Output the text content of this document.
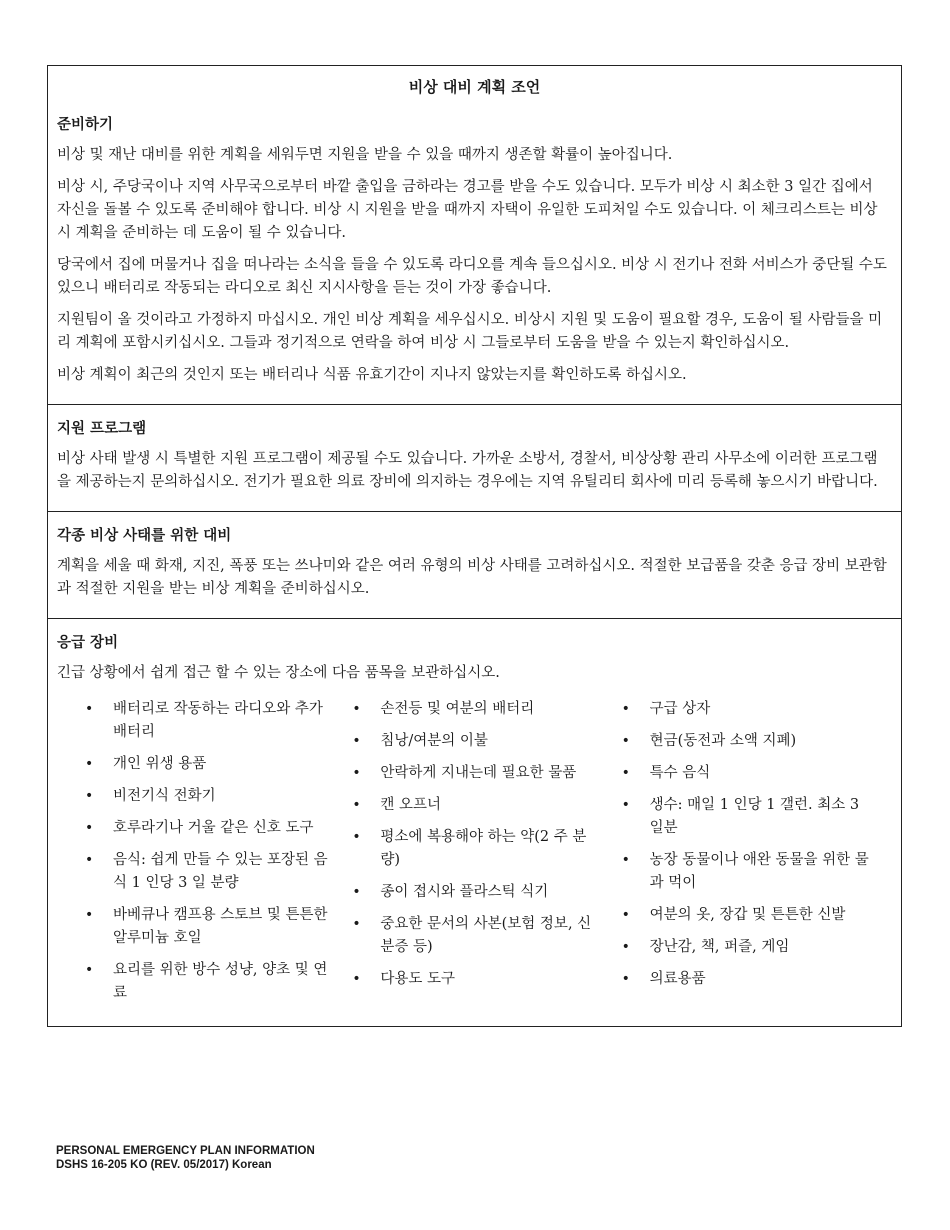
비상 대비 계획 조언
준비하기

비상 및 재난 대비를 위한 계획을 세워두면 지원을 받을 수 있을 때까지 생존할 확률이 높아집니다.

비상 시, 주당국이나 지역 사무국으로부터 바깥 출입을 금하라는 경고를 받을 수도 있습니다. 모두가 비상 시 최소한 3 일간 집에서 자신을 돌볼 수 있도록 준비해야 합니다. 비상 시 지원을 받을 때까지 자택이 유일한 도피처일 수도 있습니다. 이 체크리스트는 비상 시 계획을 준비하는 데 도움이 될 수 있습니다.

당국에서 집에 머물거나 집을 떠나라는 소식을 들을 수 있도록 라디오를 계속 들으십시오. 비상 시 전기나 전화 서비스가 중단될 수도 있으니 배터리로 작동되는 라디오로 최신 지시사항을 듣는 것이 가장 좋습니다.

지원팀이 올 것이라고 가정하지 마십시오. 개인 비상 계획을 세우십시오. 비상시 지원 및 도움이 필요할 경우, 도움이 될 사람들을 미리 계획에 포함시키십시오. 그들과 정기적으로 연락을 하여 비상 시 그들로부터 도움을 받을 수 있는지 확인하십시오.

비상 계획이 최근의 것인지 또는 배터리나 식품 유효기간이 지나지 않았는지를 확인하도록 하십시오.

지원 프로그램

비상 사태 발생 시 특별한 지원 프로그램이 제공될 수도 있습니다. 가까운 소방서, 경찰서, 비상상황 관리 사무소에 이러한 프로그램을 제공하는지 문의하십시오. 전기가 필요한 의료 장비에 의지하는 경우에는 지역 유틸리티 회사에 미리 등록해 놓으시기 바랍니다.

각종 비상 사태를 위한 대비

계획을 세울 때 화재, 지진, 폭풍 또는 쓰나미와 같은 여러 유형의 비상 사태를 고려하십시오. 적절한 보급품을 갖춘 응급 장비 보관함과 적절한 지원을 받는 비상 계획을 준비하십시오.

응급 장비

긴급 상황에서 쉽게 접근 할 수 있는 장소에 다음 품목을 보관하십시오.

• 배터리로 작동하는 라디오와 추가 배터리
• 개인 위생 용품
• 비전기식 전화기
• 호루라기나 거울 같은 신호 도구
• 음식: 쉽게 만들 수 있는 포장된 음식 1 인당 3 일 분량
• 바베큐나 캠프용 스토브 및 튼튼한 알루미늄 호일
• 요리를 위한 방수 성냥, 양초 및 연료
• 손전등 및 여분의 배터리
• 침낭/여분의 이불
• 안락하게 지내는데 필요한 물품
• 캔 오프너
• 평소에 복용해야 하는 약(2 주 분량)
• 종이 접시와 플라스틱 식기
• 중요한 문서의 사본(보험 정보, 신분증 등)
• 다용도 도구
• 구급 상자
• 현금(동전과 소액 지폐)
• 특수 음식
• 생수: 매일 1 인당 1 갤런. 최소 3 일분
• 농장 동물이나 애완 동물을 위한 물과 먹이
• 여분의 옷, 장갑 및 튼튼한 신발
• 장난감, 책, 퍼즐, 게임
• 의료용품
PERSONAL EMERGENCY PLAN INFORMATION
DSHS 16-205 KO (REV. 05/2017) Korean
